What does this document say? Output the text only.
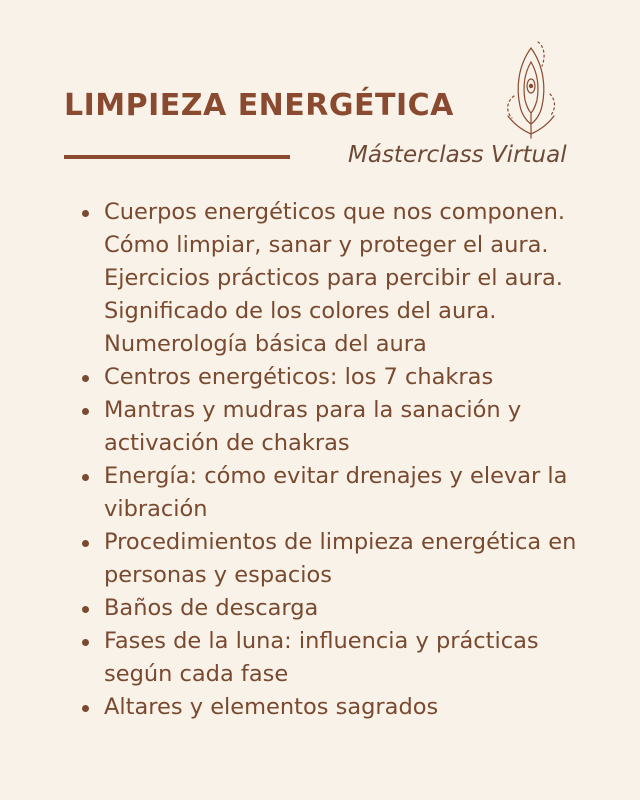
LIMPIEZA ENERGÉTICA
Másterclass Virtual
Cuerpos energéticos que nos componen. Cómo limpiar, sanar y proteger el aura. Ejercicios prácticos para percibir el aura. Significado de los colores del aura. Numerología básica del aura
Centros energéticos: los 7 chakras
Mantras y mudras para la sanación y activación de chakras
Energía: cómo evitar drenajes y elevar la vibración
Procedimientos de limpieza energética en personas y espacios
Baños de descarga
Fases de la luna: influencia y prácticas según cada fase
Altares y elementos sagrados
